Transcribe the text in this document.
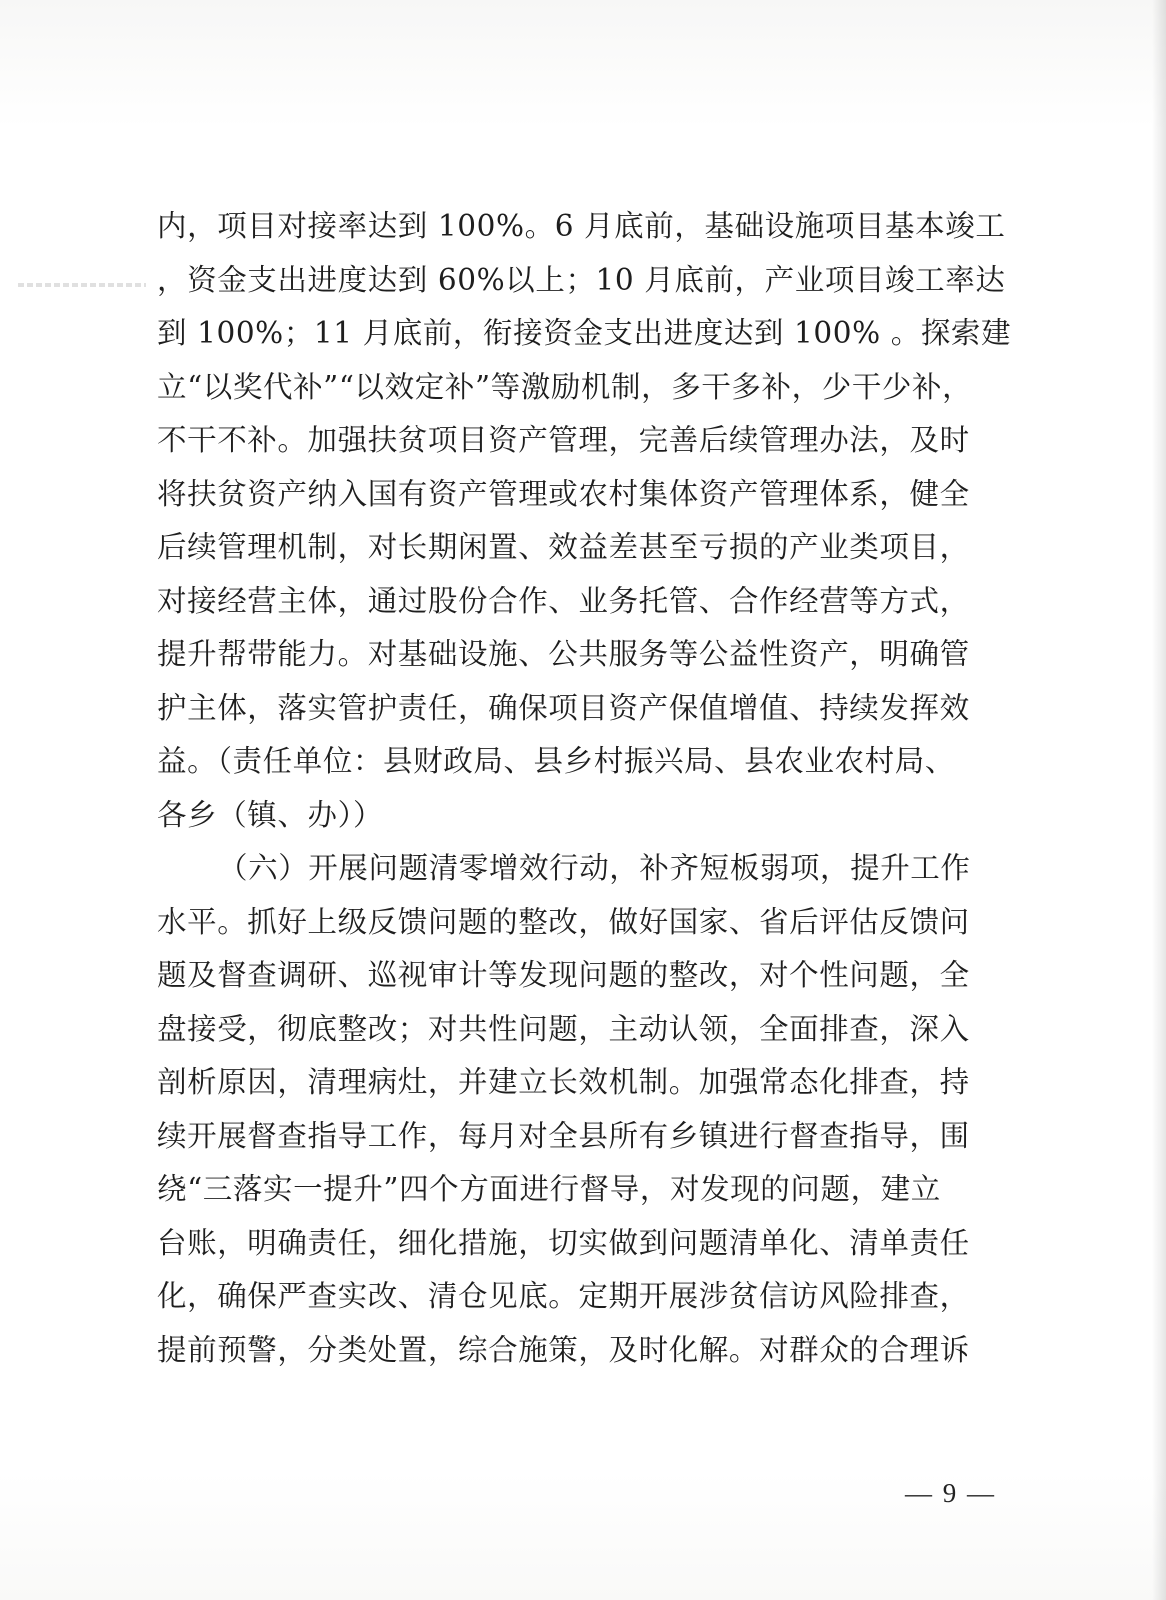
内，项目对接率达到 100%。6 月底前，基础设施项目基本竣工
，资金支出进度达到 60%以上；10 月底前，产业项目竣工率达
到 100%；11 月底前，衔接资金支出进度达到 100% 。探索建
立“以奖代补”“以效定补”等激励机制，多干多补，少干少补，
不干不补。加强扶贫项目资产管理，完善后续管理办法，及时
将扶贫资产纳入国有资产管理或农村集体资产管理体系，健全
后续管理机制，对长期闲置、效益差甚至亏损的产业类项目，
对接经营主体，通过股份合作、业务托管、合作经营等方式，
提升帮带能力。对基础设施、公共服务等公益性资产，明确管
护主体，落实管护责任，确保项目资产保值增值、持续发挥效
益。（责任单位：县财政局、县乡村振兴局、县农业农村局、
各乡（镇、办））
（六）开展问题清零增效行动，补齐短板弱项，提升工作
水平。抓好上级反馈问题的整改，做好国家、省后评估反馈问
题及督查调研、巡视审计等发现问题的整改，对个性问题，全
盘接受，彻底整改；对共性问题，主动认领，全面排查，深入
剖析原因，清理病灶，并建立长效机制。加强常态化排查，持
续开展督查指导工作，每月对全县所有乡镇进行督查指导，围
绕“三落实一提升”四个方面进行督导，对发现的问题，建立
台账，明确责任，细化措施，切实做到问题清单化、清单责任
化，确保严查实改、清仓见底。定期开展涉贫信访风险排查，
提前预警，分类处置，综合施策，及时化解。对群众的合理诉
— 9 —
